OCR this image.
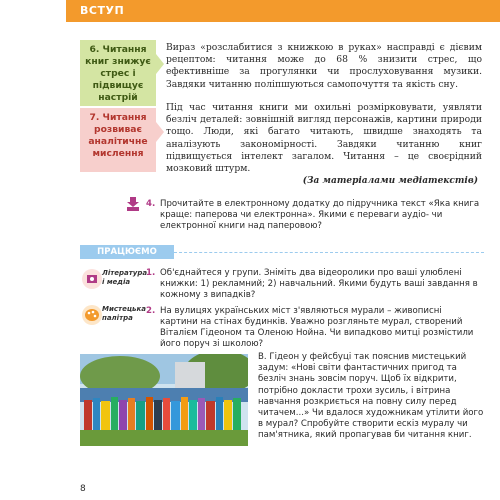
ВСТУП
6. Читання книг знижує стрес і підвищує настрій
7. Читання розвиває аналітичне мислення

Вираз «розслабитися з книжкою в руках» насправді є дієвим рецептом: читання може до 68 % знизити стрес, що ефективніше за прогулянки чи прослуховування музики. Завдяки читанню поліпшуються самопочуття та якість сну.

Під час читання книги ми охильні розмірковувати, уявляти безліч деталей: зовнішній вигляд персонажів, картини природи тощо. Люди, які багато читають, швидше знаходять та аналізують закономірності. Завдяки читанню книг підвищується інтелект загалом. Читання – це своєрідний мозковий штурм.

(За матеріалами медіатекстів)
4. Прочитайте в електронному додатку до підручника текст «Яка книга краще: паперова чи електронна». Якими є переваги аудіо- чи електронної книги над паперовою?
ПРАЦЮЄМО ВДОМА
Література і медіа
Мистецька палітра
1. Об'єднайтеся у групи. Зніміть два відеоролики про ваші улюблені книжки: 1) рекламний; 2) навчальний. Якими будуть ваші завдання в кожному з випадків?
2. На вулицях українських міст з'являються мурали – живописні картини на стінах будинків. Уважно розгляньте мурал, створений Віталієм Гідеоном та Оленою Нойна. Чи випадково митці розмістили його поруч зі школою?
В. Гідеон у фейсбуці так пояснив мистецький задум: «Нові світи фантастичних пригод та безліч знань зовсім поруч. Щоб їх відкрити, потрібно докласти трохи зусиль, і вітрина навчання розкриється на повну силу перед читачем...» Чи вдалося художникам утілити його в мурал? Спробуйте створити ескіз муралу чи пам'ятника, який пропагував би читання книг.
8
